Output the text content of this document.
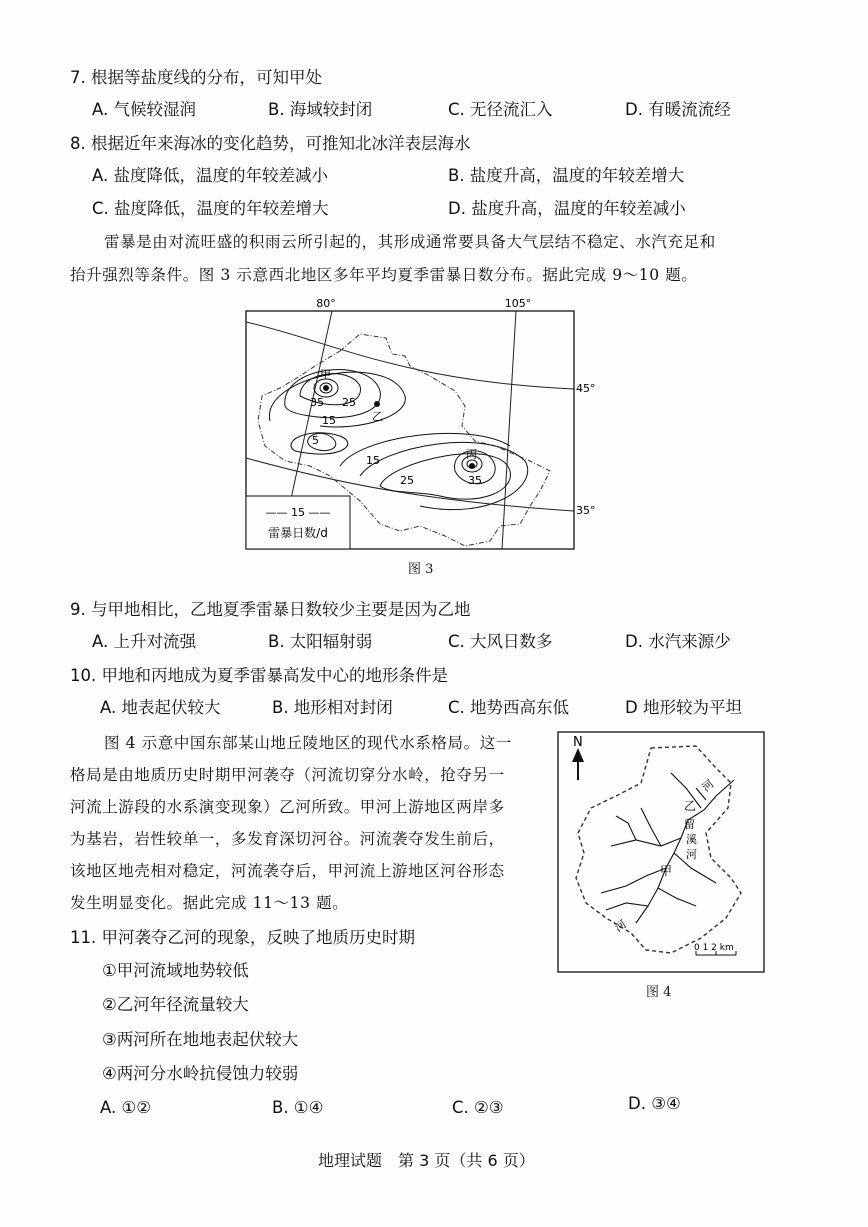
7. 根据等盐度线的分布，可知甲处
A. 气候较湿润	B. 海域较封闭	C. 无径流汇入	D. 有暖流流经
8. 根据近年来海冰的变化趋势，可推知北冰洋表层海水
A. 盐度降低，温度的年较差减小	B. 盐度升高，温度的年较差增大
C. 盐度降低，温度的年较差增大	D. 盐度升高，温度的年较差减小
雷暴是由对流旺盛的积雨云所引起的，其形成通常要具备大气层结不稳定、水汽充足和
抬升强烈等条件。图 3 示意西北地区多年平均夏季雷暴日数分布。据此完成 9～10 题。
80°	105°
45°
35°
甲
35 25
15
5
乙
15
25
丙
35
—— 15 ——
雷暴日数/d
图 3
9. 与甲地相比，乙地夏季雷暴日数较少主要是因为乙地
A. 上升对流强	B. 太阳辐射弱	C. 大风日数多	D. 水汽来源少
10. 甲地和丙地成为夏季雷暴高发中心的地形条件是
A. 地表起伏较大	B. 地形相对封闭	C. 地势西高东低	D 地形较为平坦
图 4 示意中国东部某山地丘陵地区的现代水系格局。这一
格局是由地质历史时期甲河袭夺（河流切穿分水岭，抢夺另一
河流上游段的水系演变现象）乙河所致。甲河上游地区两岸多
为基岩，岩性较单一，多发育深切河谷。河流袭夺发生前后，
该地区地壳相对稳定，河流袭夺后，甲河流上游地区河谷形态
发生明显变化。据此完成 11～13 题。
N
河
乙
留
溪
河
甲
河
0 1 2 km
图 4
11. 甲河袭夺乙河的现象，反映了地质历史时期
①甲河流域地势较低
②乙河年径流量较大
③两河所在地地表起伏较大
④两河分水岭抗侵蚀力较弱
A. ①②	B. ①④	C. ②③	D. ③④
地理试题　第 3 页（共 6 页）
